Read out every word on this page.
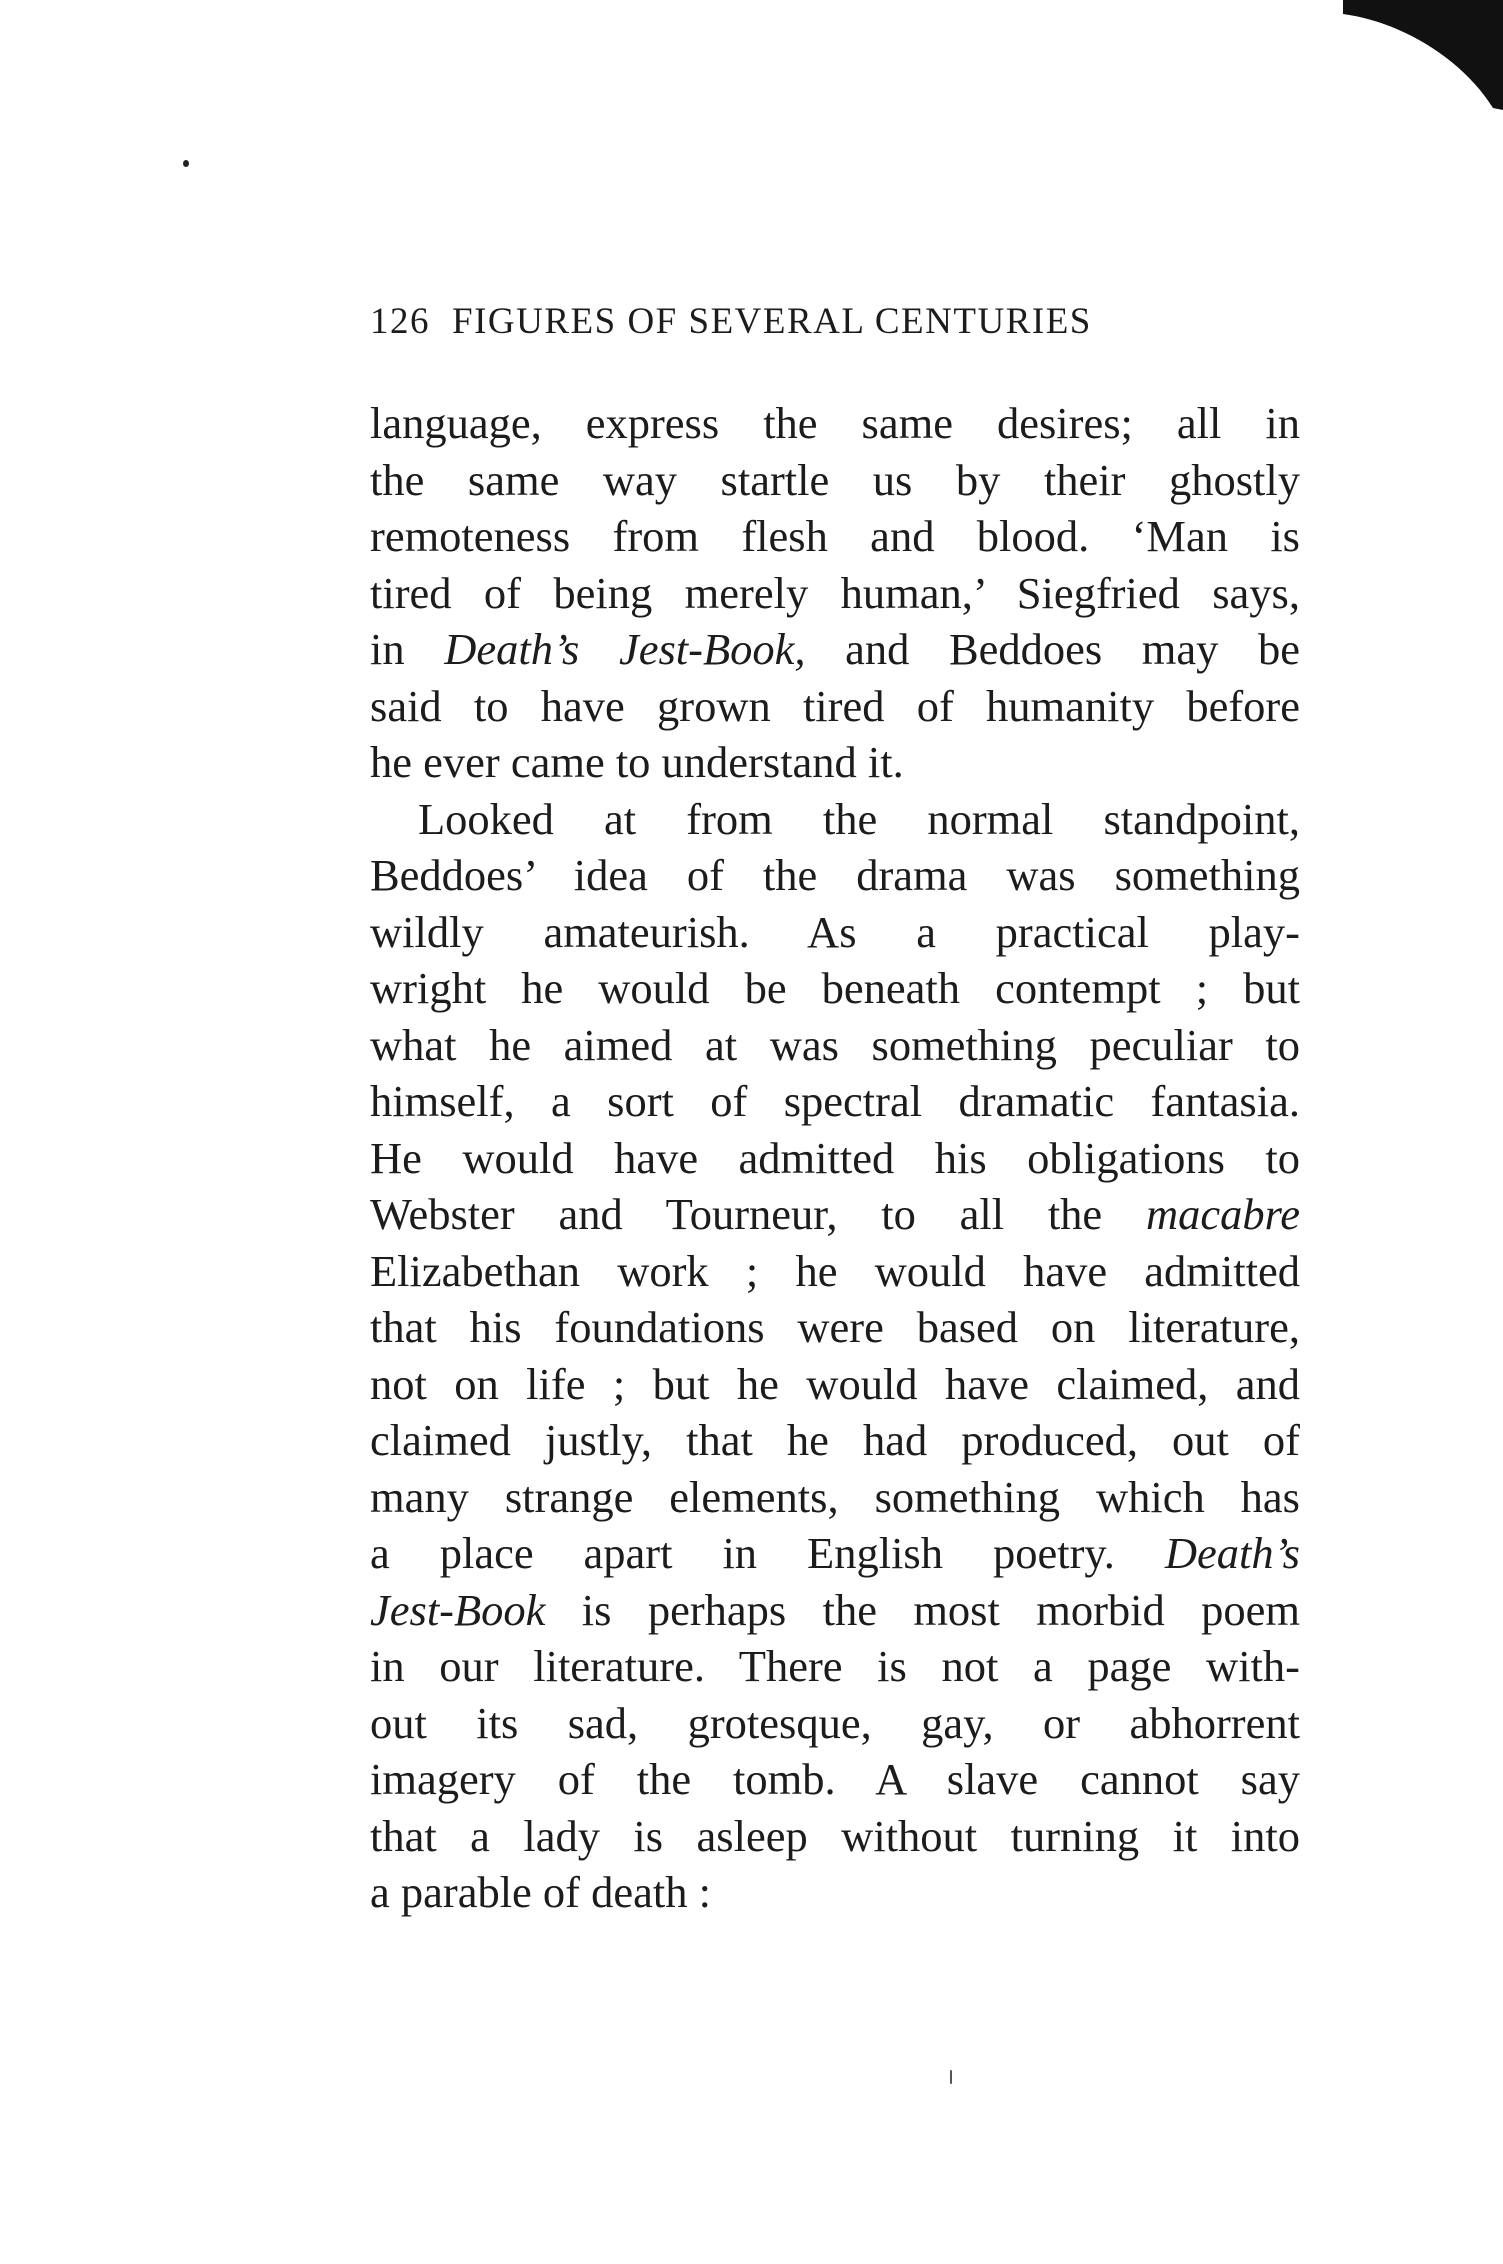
126 FIGURES OF SEVERAL CENTURIES
language, express the same desires; all in
the same way startle us by their ghostly
remoteness from flesh and blood. ‘Man is
tired of being merely human,’ Siegfried says,
in Death’s Jest-Book, and Beddoes may be
said to have grown tired of humanity before
he ever came to understand it.
Looked at from the normal standpoint,
Beddoes’ idea of the drama was something
wildly amateurish. As a practical play-
wright he would be beneath contempt ; but
what he aimed at was something peculiar to
himself, a sort of spectral dramatic fantasia.
He would have admitted his obligations to
Webster and Tourneur, to all the macabre
Elizabethan work ; he would have admitted
that his foundations were based on literature,
not on life ; but he would have claimed, and
claimed justly, that he had produced, out of
many strange elements, something which has
a place apart in English poetry. Death’s
Jest-Book is perhaps the most morbid poem
in our literature. There is not a page with-
out its sad, grotesque, gay, or abhorrent
imagery of the tomb. A slave cannot say
that a lady is asleep without turning it into
a parable of death :
